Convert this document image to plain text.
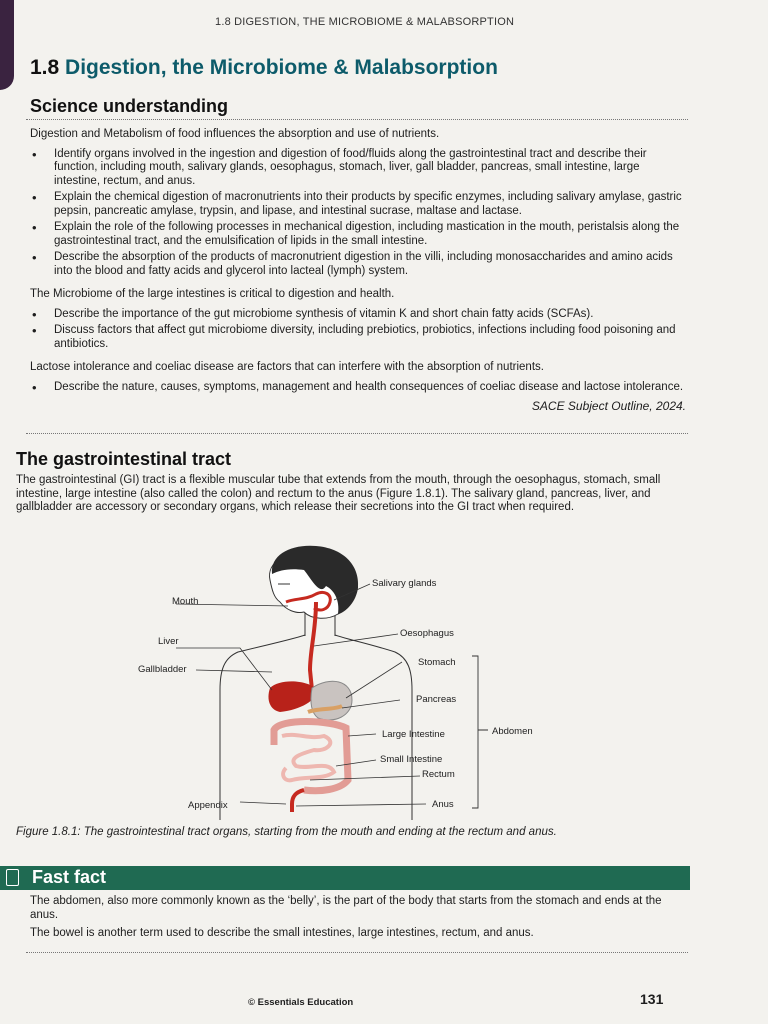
1.8 DIGESTION, THE MICROBIOME & MALABSORPTION
1.8 Digestion, the Microbiome & Malabsorption
Science understanding

Digestion and Metabolism of food influences the absorption and use of nutrients.

• Identify organs involved in the ingestion and digestion of food/fluids along the gastrointestinal tract and describe their function, including mouth, salivary glands, oesophagus, stomach, liver, gall bladder, pancreas, small intestine, large intestine, rectum, and anus.
• Explain the chemical digestion of macronutrients into their products by specific enzymes, including salivary amylase, gastric pepsin, pancreatic amylase, trypsin, and lipase, and intestinal sucrase, maltase and lactase.
• Explain the role of the following processes in mechanical digestion, including mastication in the mouth, peristalsis along the gastrointestinal tract, and the emulsification of lipids in the small intestine.
• Describe the absorption of the products of macronutrient digestion in the villi, including monosaccharides and amino acids into the blood and fatty acids and glycerol into lacteal (lymph) system.

The Microbiome of the large intestines is critical to digestion and health.

• Describe the importance of the gut microbiome synthesis of vitamin K and short chain fatty acids (SCFAs).
• Discuss factors that affect gut microbiome diversity, including prebiotics, probiotics, infections including food poisoning and antibiotics.

Lactose intolerance and coeliac disease are factors that can interfere with the absorption of nutrients.

• Describe the nature, causes, symptoms, management and health consequences of coeliac disease and lactose intolerance.
SACE Subject Outline, 2024.
The gastrointestinal tract

The gastrointestinal (GI) tract is a flexible muscular tube that extends from the mouth, through the oesophagus, stomach, small intestine, large intestine (also called the colon) and rectum to the anus (Figure 1.8.1). The salivary gland, pancreas, liver, and gallbladder are accessory or secondary organs, which release their secretions into the GI tract when required.

Mouth
Liver
Gallbladder
Appendix
Salivary glands
Oesophagus
Stomach
Pancreas
Large Intestine
Small Intestine
Rectum
Anus
Abdomen
Figure 1.8.1: The gastrointestinal tract organs, starting from the mouth and ending at the rectum and anus.
Fast fact

The abdomen, also more commonly known as the ‘belly’, is the part of the body that starts from the stomach and ends at the anus.

The bowel is another term used to describe the small intestines, large intestines, rectum, and anus.

© Essentials Education	131
